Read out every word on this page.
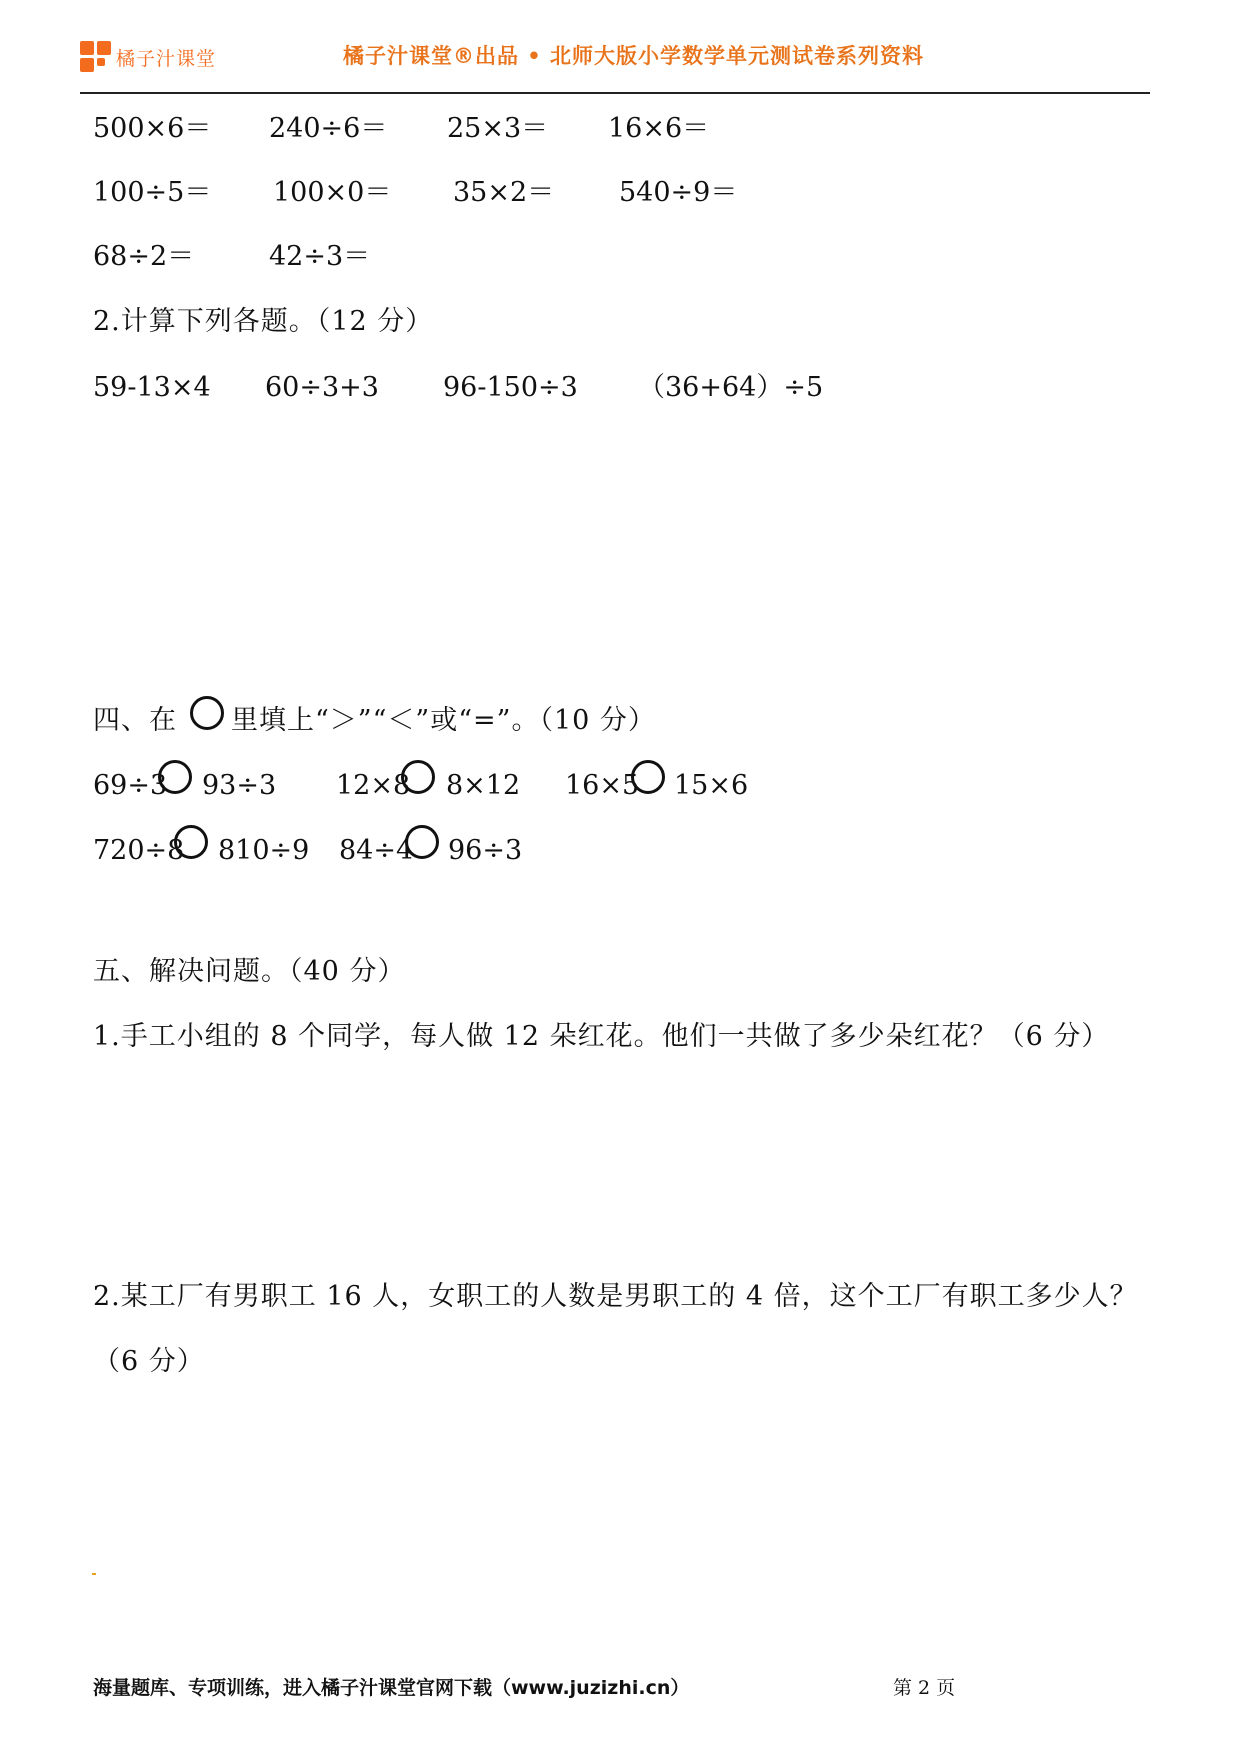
橘子汁课堂	橘子汁课堂®出品 • 北师大版小学数学单元测试卷系列资料
500×6＝ 240÷6＝ 25×3＝ 16×6＝
100÷5＝ 100×0＝ 35×2＝ 540÷9＝
68÷2＝	42÷3＝
2.计算下列各题。（12 分）
59-13×4 60÷3+3 96-150÷3 （36+64）÷5
四、在 里填上“＞”“＜”或“=”。（10 分）
69÷3 93÷3 12×8 8×12 16×5 15×6
720÷8 810÷9 84÷4 96÷3
五、解决问题。（40 分）
1.手工小组的 8 个同学，每人做 12 朵红花。他们一共做了多少朵红花？（6 分）
2.某工厂有男职工 16 人，女职工的人数是男职工的 4 倍，这个工厂有职工多少人？
（6 分）
海量题库、专项训练，进入橘子汁课堂官网下载（www.juzizhi.cn）	第 2 页
